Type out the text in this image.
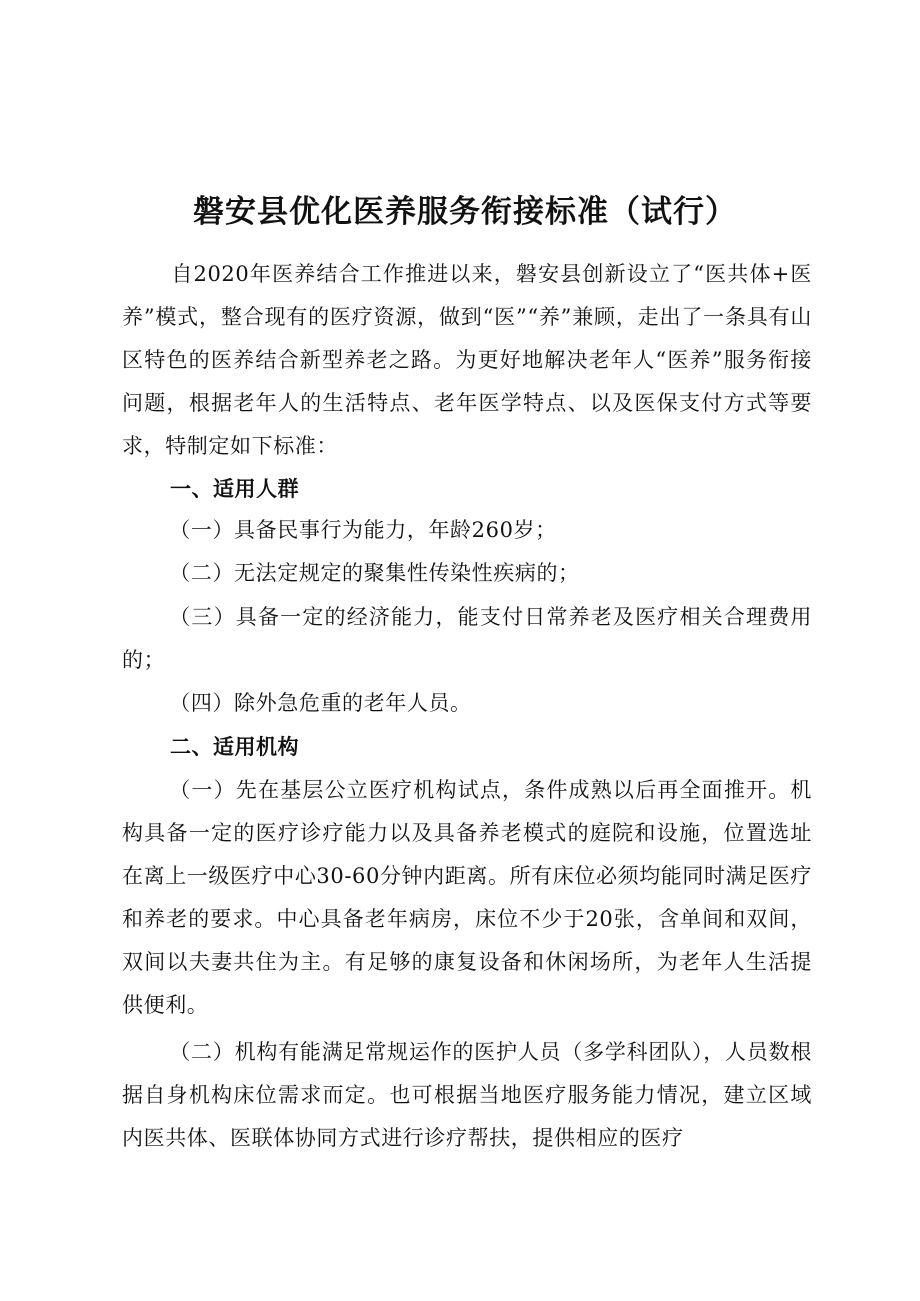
磐安县优化医养服务衔接标准（试行）

自2020年医养结合工作推进以来，磐安县创新设立了“医共体+医养”模式，整合现有的医疗资源，做到“医”“养”兼顾，走出了一条具有山区特色的医养结合新型养老之路。为更好地解决老年人“医养”服务衔接问题，根据老年人的生活特点、老年医学特点、以及医保支付方式等要求，特制定如下标准：

一、适用人群

（一）具备民事行为能力，年龄260岁；

（二）无法定规定的聚集性传染性疾病的；

（三）具备一定的经济能力，能支付日常养老及医疗相关合理费用的；

（四）除外急危重的老年人员。

二、适用机构

（一）先在基层公立医疗机构试点，条件成熟以后再全面推开。机构具备一定的医疗诊疗能力以及具备养老模式的庭院和设施，位置选址在离上一级医疗中心30-60分钟内距离。所有床位必须均能同时满足医疗和养老的要求。中心具备老年病房，床位不少于20张，含单间和双间，双间以夫妻共住为主。有足够的康复设备和休闲场所，为老年人生活提供便利。

（二）机构有能满足常规运作的医护人员（多学科团队），人员数根据自身机构床位需求而定。也可根据当地医疗服务能力情况，建立区域内医共体、医联体协同方式进行诊疗帮扶，提供相应的医疗
